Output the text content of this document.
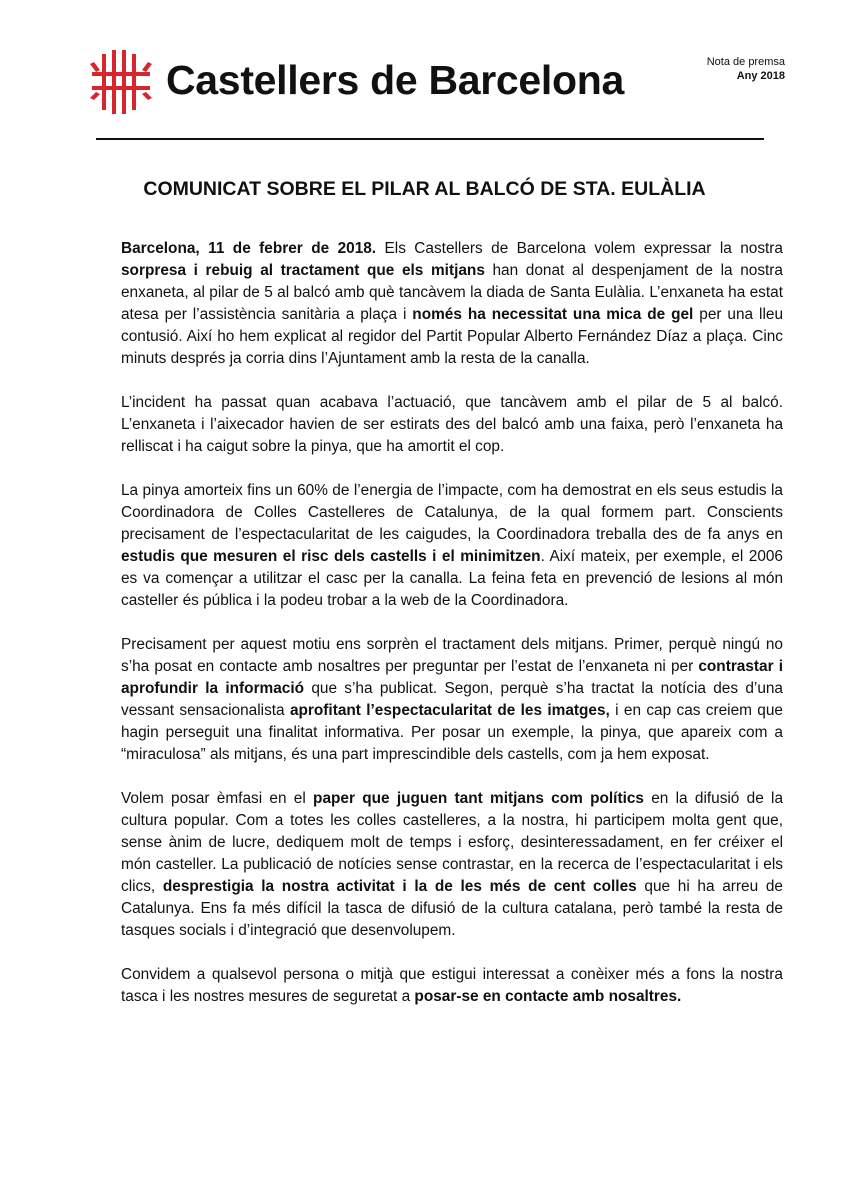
Castellers de Barcelona	Nota de premsa
Any 2018
COMUNICAT SOBRE EL PILAR AL BALCÓ DE STA. EULÀLIA

Barcelona, 11 de febrer de 2018. Els Castellers de Barcelona volem expressar la nostra sorpresa i rebuig al tractament que els mitjans han donat al despenjament de la nostra enxaneta, al pilar de 5 al balcó amb què tancàvem la diada de Santa Eulàlia. L’enxaneta ha estat atesa per l’assistència sanitària a plaça i només ha necessitat una mica de gel per una lleu contusió. Així ho hem explicat al regidor del Partit Popular Alberto Fernández Díaz a plaça. Cinc minuts després ja corria dins l’Ajuntament amb la resta de la canalla.

L’incident ha passat quan acabava l’actuació, que tancàvem amb el pilar de 5 al balcó. L’enxaneta i l’aixecador havien de ser estirats des del balcó amb una faixa, però l’enxaneta ha relliscat i ha caigut sobre la pinya, que ha amortit el cop.

La pinya amorteix fins un 60% de l’energia de l’impacte, com ha demostrat en els seus estudis la Coordinadora de Colles Castelleres de Catalunya, de la qual formem part. Conscients precisament de l’espectacularitat de les caigudes, la Coordinadora treballa des de fa anys en estudis que mesuren el risc dels castells i el minimitzen. Així mateix, per exemple, el 2006 es va començar a utilitzar el casc per la canalla. La feina feta en prevenció de lesions al món casteller és pública i la podeu trobar a la web de la Coordinadora.

Precisament per aquest motiu ens sorprèn el tractament dels mitjans. Primer, perquè ningú no s’ha posat en contacte amb nosaltres per preguntar per l’estat de l’enxaneta ni per contrastar i aprofundir la informació que s’ha publicat. Segon, perquè s’ha tractat la notícia des d’una vessant sensacionalista aprofitant l’espectacularitat de les imatges, i en cap cas creiem que hagin perseguit una finalitat informativa. Per posar un exemple, la pinya, que apareix com a “miraculosa” als mitjans, és una part imprescindible dels castells, com ja hem exposat.

Volem posar èmfasi en el paper que juguen tant mitjans com polítics en la difusió de la cultura popular. Com a totes les colles castelleres, a la nostra, hi participem molta gent que, sense ànim de lucre, dediquem molt de temps i esforç, desinteressadament, en fer créixer el món casteller. La publicació de notícies sense contrastar, en la recerca de l’espectacularitat i els clics, desprestigia la nostra activitat i la de les més de cent colles que hi ha arreu de Catalunya. Ens fa més difícil la tasca de difusió de la cultura catalana, però també la resta de tasques socials i d’integració que desenvolupem.

Convidem a qualsevol persona o mitjà que estigui interessat a conèixer més a fons la nostra tasca i les nostres mesures de seguretat a posar-se en contacte amb nosaltres.
